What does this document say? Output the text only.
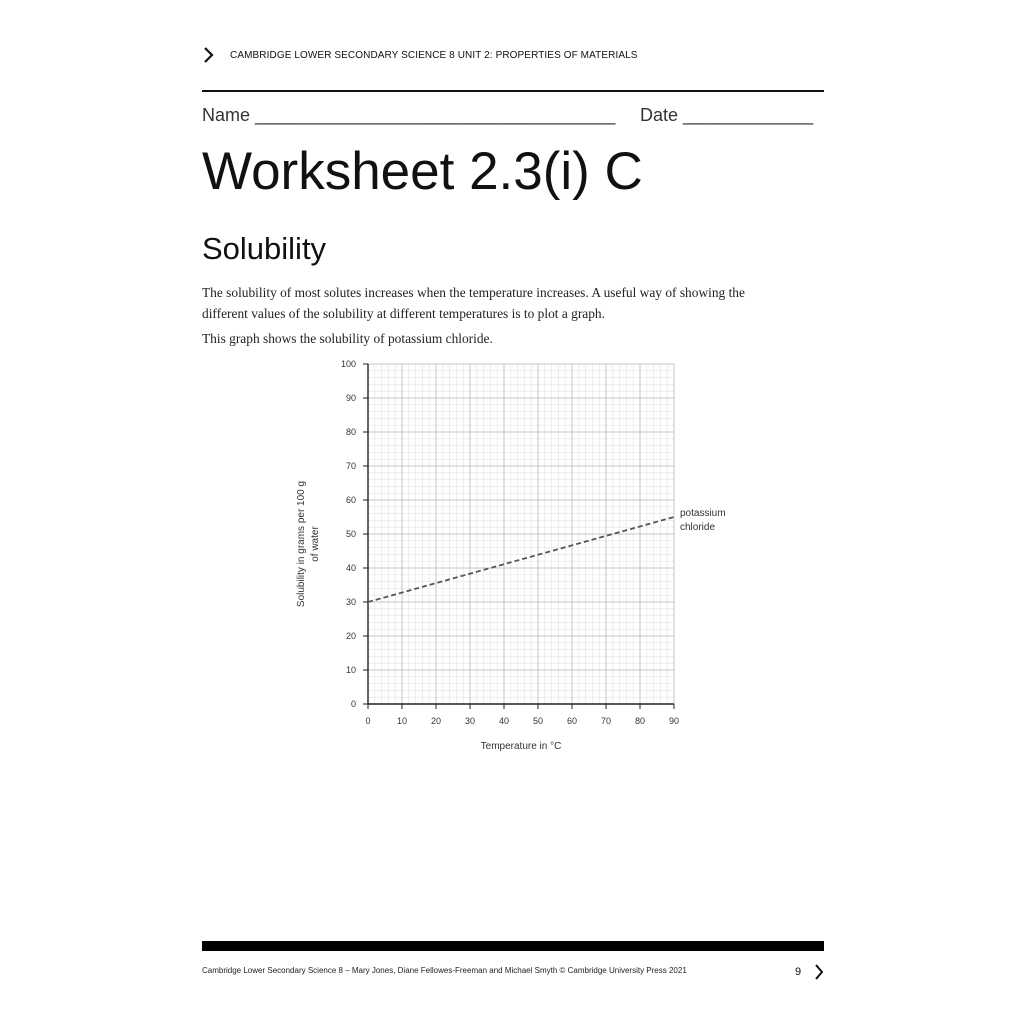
CAMBRIDGE LOWER SECONDARY SCIENCE 8 UNIT 2: PROPERTIES OF MATERIALS
Name ____________________________________ Date _____________
Worksheet 2.3(i) C
Solubility
The solubility of most solutes increases when the temperature increases. A useful way of showing the different values of the solubility at different temperatures is to plot a graph.
This graph shows the solubility of potassium chloride.
0	10	20	30	40	50	60	70	80	90
0
10
20
30
40
50
60
70
80
90
100
Temperature in °C
Solubility in grams per 100 g of water
potassium
chloride
Cambridge Lower Secondary Science 8 – Mary Jones, Diane Fellowes-Freeman and Michael Smyth © Cambridge University Press 2021	9
